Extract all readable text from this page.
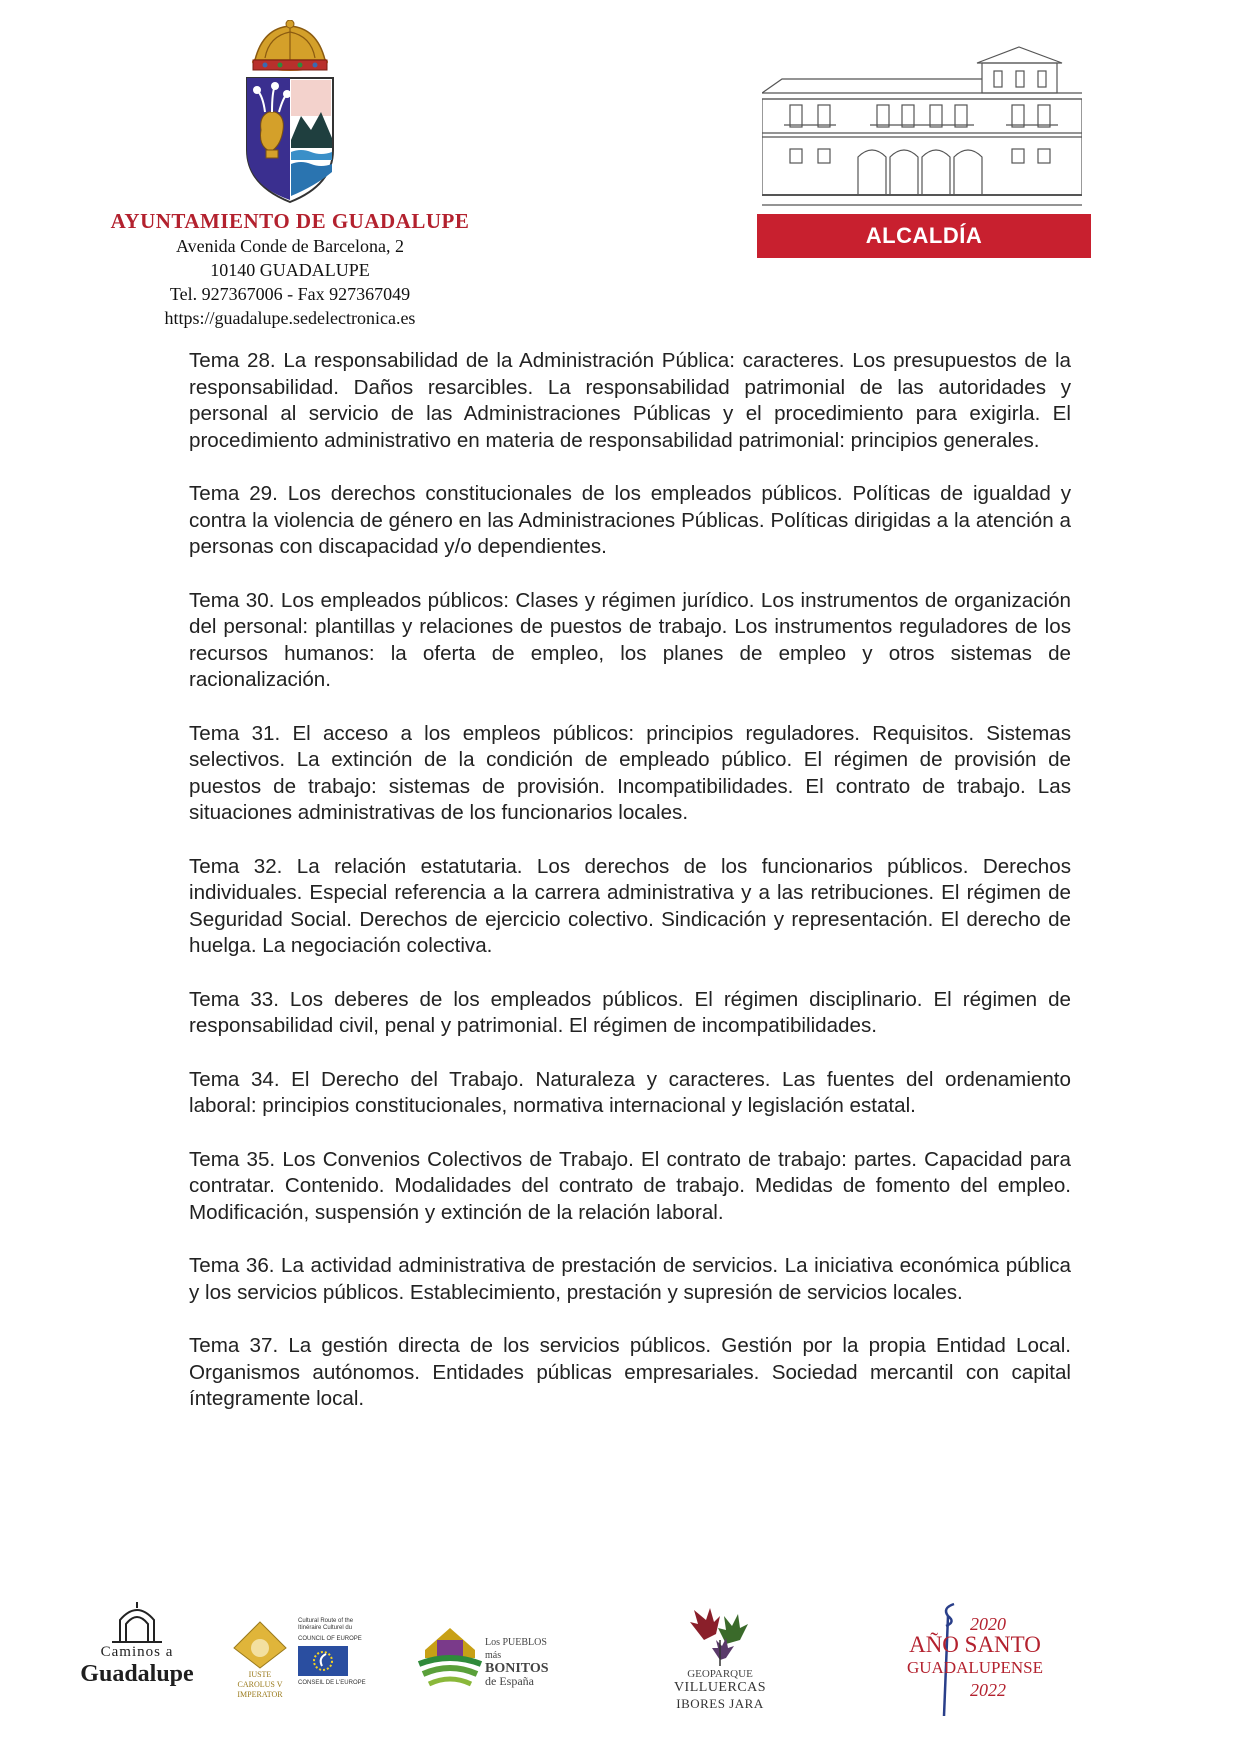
AYUNTAMIENTO DE GUADALUPE
Avenida Conde de Barcelona, 2
10140 GUADALUPE
Tel. 927367006 - Fax 927367049
https://guadalupe.sedelectronica.es
ALCALDÍA

Tema 28. La responsabilidad de la Administración Pública: caracteres. Los presupuestos de la responsabilidad. Daños resarcibles. La responsabilidad patrimonial de las autoridades y personal al servicio de las Administraciones Públicas y el procedimiento para exigirla. El procedimiento administrativo en materia de responsabilidad patrimonial: principios generales.

Tema 29. Los derechos constitucionales de los empleados públicos. Políticas de igualdad y contra la violencia de género en las Administraciones Públicas. Políticas dirigidas a la atención a personas con discapacidad y/o dependientes.

Tema 30. Los empleados públicos: Clases y régimen jurídico. Los instrumentos de organización del personal: plantillas y relaciones de puestos de trabajo. Los instrumentos reguladores de los recursos humanos: la oferta de empleo, los planes de empleo y otros sistemas de racionalización.

Tema 31. El acceso a los empleos públicos: principios reguladores. Requisitos. Sistemas selectivos. La extinción de la condición de empleado público. El régimen de provisión de puestos de trabajo: sistemas de provisión. Incompatibilidades. El contrato de trabajo. Las situaciones administrativas de los funcionarios locales.

Tema 32. La relación estatutaria. Los derechos de los funcionarios públicos. Derechos individuales. Especial referencia a la carrera administrativa y a las retribuciones. El régimen de Seguridad Social. Derechos de ejercicio colectivo. Sindicación y representación. El derecho de huelga. La negociación colectiva.

Tema 33. Los deberes de los empleados públicos. El régimen disciplinario. El régimen de responsabilidad civil, penal y patrimonial. El régimen de incompatibilidades.

Tema 34. El Derecho del Trabajo. Naturaleza y caracteres. Las fuentes del ordenamiento laboral: principios constitucionales, normativa internacional y legislación estatal.

Tema 35. Los Convenios Colectivos de Trabajo. El contrato de trabajo: partes. Capacidad para contratar. Contenido. Modalidades del contrato de trabajo. Medidas de fomento del empleo. Modificación, suspensión y extinción de la relación laboral.

Tema 36. La actividad administrativa de prestación de servicios. La iniciativa económica pública y los servicios públicos. Establecimiento, prestación y supresión de servicios locales.

Tema 37. La gestión directa de los servicios públicos. Gestión por la propia Entidad Local. Organismos autónomos. Entidades públicas empresariales. Sociedad mercantil con capital íntegramente local.

Caminos a
Guadalupe	IUSTE
CAROLUS V
IMPERATOR
Cultural Route of the Itinéraire Culturel du
COUNCIL OF EUROPE
CONSEIL DE L'EUROPE
Los PUEBLOS más
BONITOS
de España	GEOPARQUE
VILLUERCAS
IBORES JARA
2020
AÑO SANTO
GUADALUPENSE
2022
